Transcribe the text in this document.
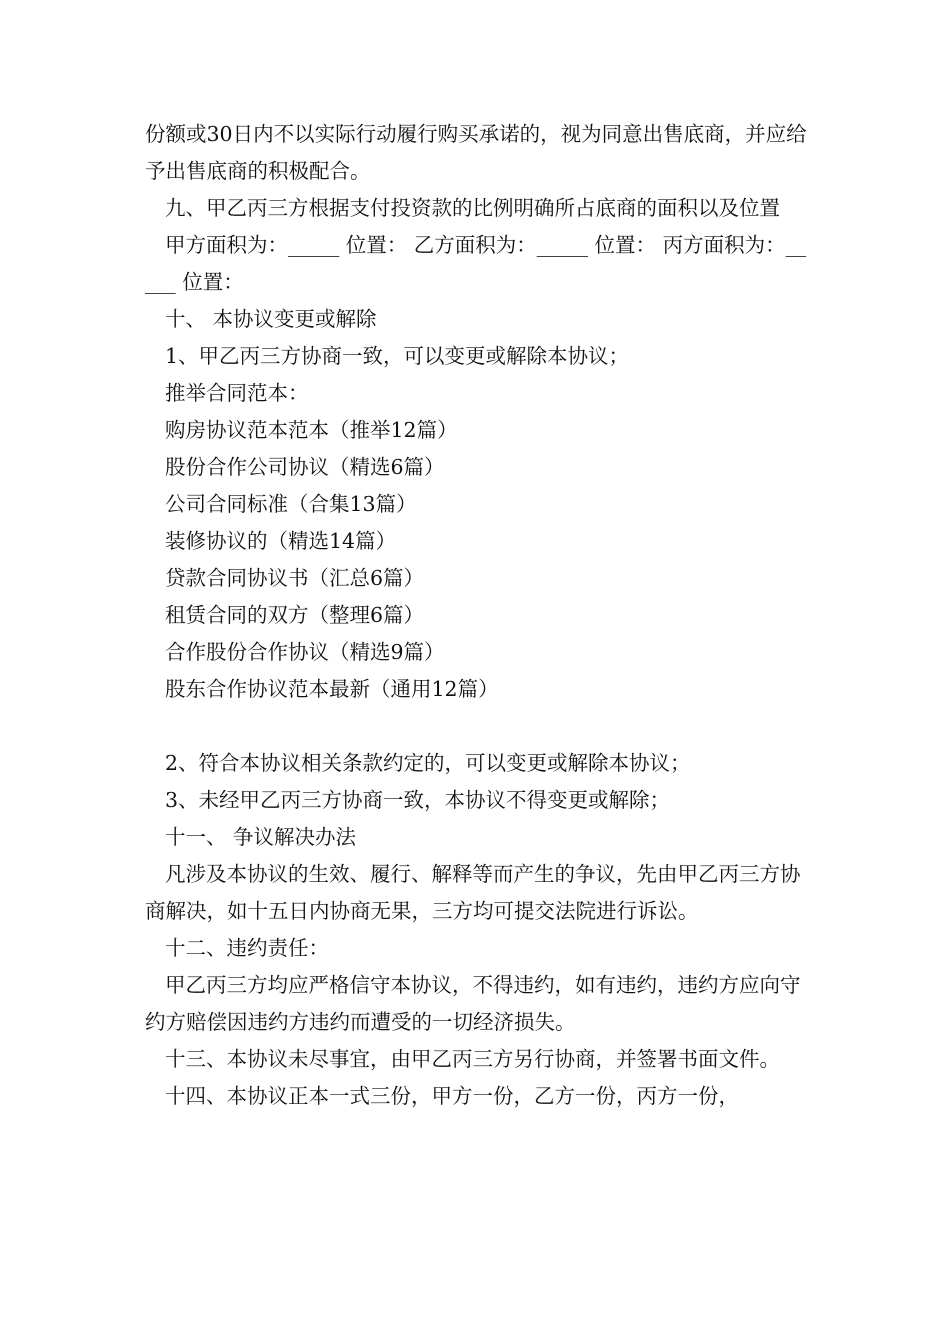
份额或30日内不以实际行动履行购买承诺的，视为同意出售底商，并应给予出售底商的积极配合。

九、甲乙丙三方根据支付投资款的比例明确所占底商的面积以及位置

甲方面积为：_____ 位置： 乙方面积为：_____ 位置： 丙方面积为：_____ 位置：

十、 本协议变更或解除

1、甲乙丙三方协商一致，可以变更或解除本协议；

推举合同范本：

购房协议范本范本（推举12篇）

股份合作公司协议（精选6篇）

公司合同标准（合集13篇）

装修协议的（精选14篇）

贷款合同协议书（汇总6篇）

租赁合同的双方（整理6篇）

合作股份合作协议（精选9篇）

股东合作协议范本最新（通用12篇）

2、符合本协议相关条款约定的，可以变更或解除本协议；

3、未经甲乙丙三方协商一致，本协议不得变更或解除；

十一、 争议解决办法

凡涉及本协议的生效、履行、解释等而产生的争议，先由甲乙丙三方协商解决，如十五日内协商无果，三方均可提交法院进行诉讼。

十二、违约责任：

甲乙丙三方均应严格信守本协议，不得违约，如有违约，违约方应向守约方赔偿因违约方违约而遭受的一切经济损失。

十三、本协议未尽事宜，由甲乙丙三方另行协商，并签署书面文件。

十四、本协议正本一式三份，甲方一份，乙方一份，丙方一份，
